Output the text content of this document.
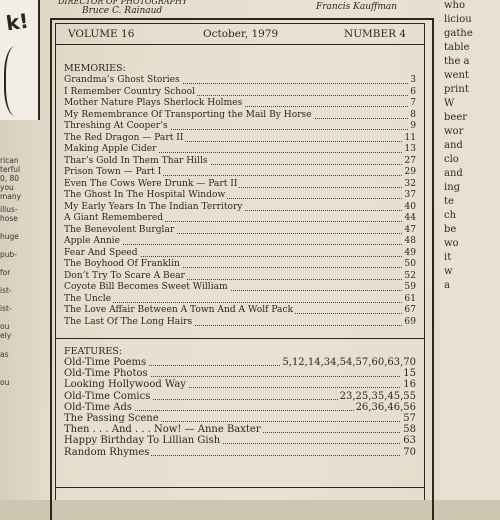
k!
rican
terful
0, 80
you
many
illus-
hose
huge
pub-
for
ist-
ist-
ou
ely
as
ou
who
liciou
gathe
table
the a
went
print
W
beer
wor
and
clo
and
ing
te
ch
be
wo
it
w
a
DIRECTOR OF PHOTOGRAPHY
Bruce C. Rainaud	Francis Kauffman
VOLUME 16	October, 1979	NUMBER 4
MEMORIES:
Grandma’s Ghost Stories	3
I Remember Country School	6
Mother Nature Plays Sherlock Holmes	7
My Remembrance Of Transporting the Mail By Horse	8
Threshing At Cooper’s	9
The Red Dragon — Part II	11
Making Apple Cider	13
Thar’s Gold In Them Thar Hills	27
Prison Town — Part I	29
Even The Cows Were Drunk — Part II	32
The Ghost In The Hospital Window	37
My Early Years In The Indian Territory	40
A Giant Remembered	44
The Benevolent Burglar	47
Apple Annie	48
Fear And Speed	49
The Boyhood Of Franklin	50
Don’t Try To Scare A Bear	52
Coyote Bill Becomes Sweet William	59
The Uncle	61
The Love Affair Between A Town And A Wolf Pack	67
The Last Of The Long Hairs	69
FEATURES:
Old-Time Poems	5,12,14,34,54,57,60,63,70
Old-Time Photos	15
Looking Hollywood Way	16
Old-Time Comics	23,25,35,45,55
Old-Time Ads	26,36,46,56
The Passing Scene	57
Then . . . And . . . Now! — Anne Baxter	58
Happy Birthday To Lillian Gish	63
Random Rhymes	70
